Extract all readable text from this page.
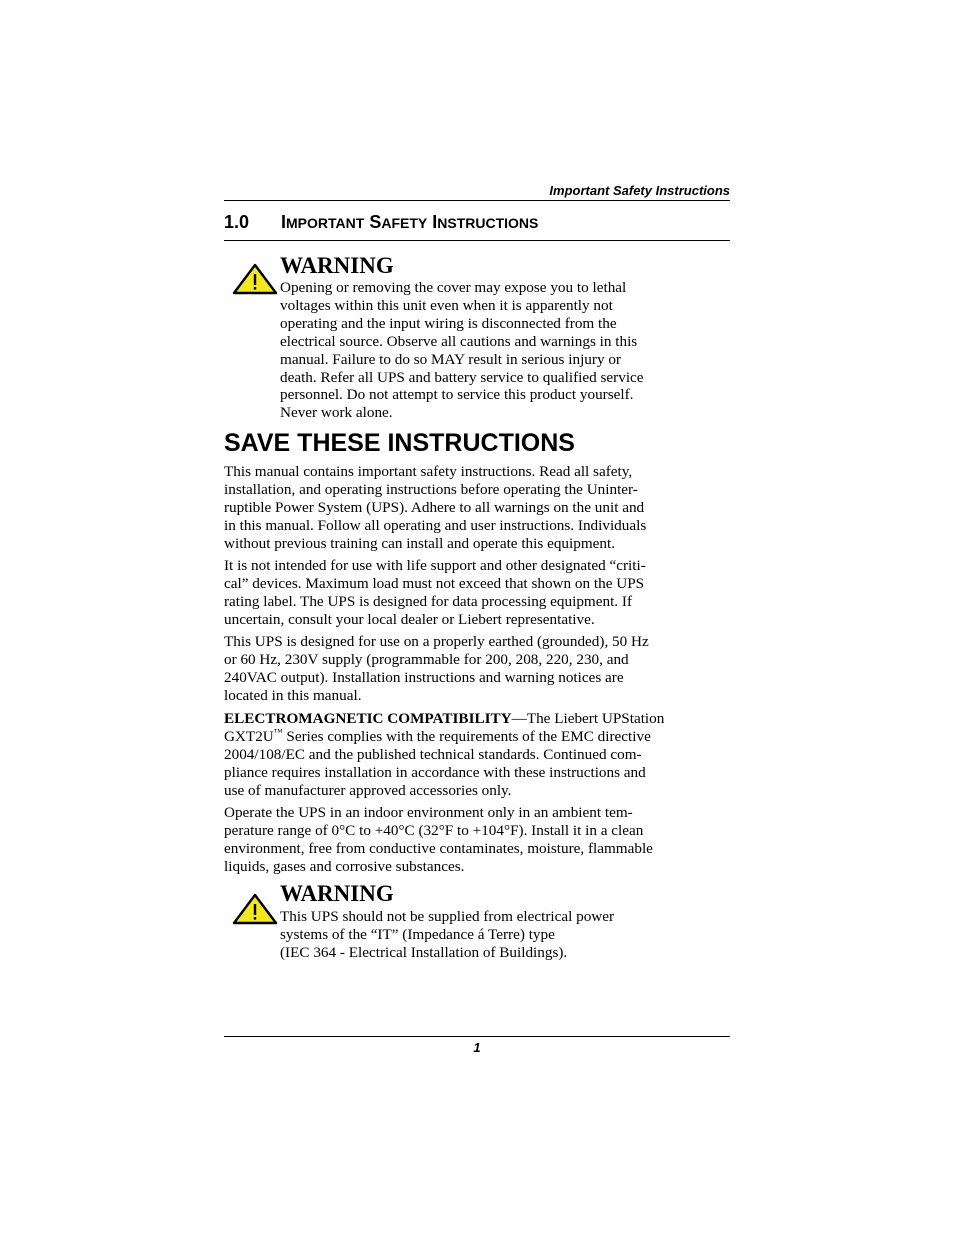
Important Safety Instructions
1.0 IMPORTANT SAFETY INSTRUCTIONS
WARNING
Opening or removing the cover may expose you to lethal
voltages within this unit even when it is apparently not
operating and the input wiring is disconnected from the
electrical source. Observe all cautions and warnings in this
manual. Failure to do so MAY result in serious injury or
death. Refer all UPS and battery service to qualified service
personnel. Do not attempt to service this product yourself.
Never work alone.
SAVE THESE INSTRUCTIONS
This manual contains important safety instructions. Read all safety,
installation, and operating instructions before operating the Uninter-
ruptible Power System (UPS). Adhere to all warnings on the unit and
in this manual. Follow all operating and user instructions. Individuals
without previous training can install and operate this equipment.
It is not intended for use with life support and other designated “criti-
cal” devices. Maximum load must not exceed that shown on the UPS
rating label. The UPS is designed for data processing equipment. If
uncertain, consult your local dealer or Liebert representative.
This UPS is designed for use on a properly earthed (grounded), 50 Hz
or 60 Hz, 230V supply (programmable for 200, 208, 220, 230, and
240VAC output). Installation instructions and warning notices are
located in this manual.
ELECTROMAGNETIC COMPATIBILITY—The Liebert UPStation
GXT2U™ Series complies with the requirements of the EMC directive
2004/108/EC and the published technical standards. Continued com-
pliance requires installation in accordance with these instructions and
use of manufacturer approved accessories only.
Operate the UPS in an indoor environment only in an ambient tem-
perature range of 0°C to +40°C (32°F to +104°F). Install it in a clean
environment, free from conductive contaminates, moisture, flammable
liquids, gases and corrosive substances.
WARNING
This UPS should not be supplied from electrical power
systems of the “IT” (Impedance á Terre) type
(IEC 364 - Electrical Installation of Buildings).
1
